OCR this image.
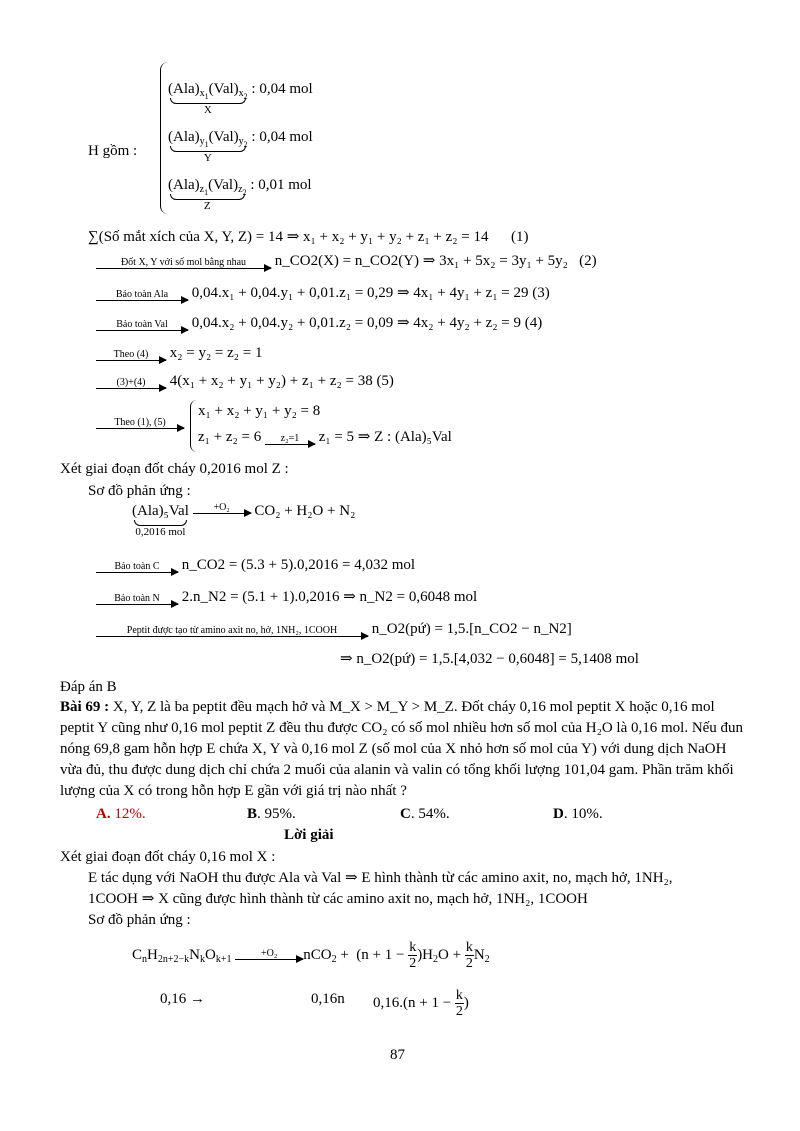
H gồm :
$(Ala)_{x_1}(Val)_{x_2}$
X
: 0,04 mol
$(Ala)_{y_1}(Val)_{y_2}$
Y
: 0,04 mol
$(Ala)_{z_1}(Val)_{z_2}$
Z
: 0,01 mol
∑(Số mắt xích của X, Y, Z) = 14 ⇒ x₁ + x₂ + y₁ + y₂ + z₁ + z₂ = 14 (1)
Đốt X, Y với số mol bằng nhau	n_CO2(X) = n_CO2(Y) ⇒ 3x₁ + 5x₂ = 3y₁ + 5y₂ (2)
Bảo toàn Ala	0,04.x₁ + 0,04.y₁ + 0,01.z₁ = 0,29 ⇒ 4x₁ + 4y₁ + z₁ = 29 (3)
Bảo toàn Val	0,04.x₂ + 0,04.y₂ + 0,01.z₂ = 0,09 ⇒ 4x₂ + 4y₂ + z₂ = 9 (4)
Theo (4)	x₂ = y₂ = z₂ = 1
(3)+(4)	4(x₁ + x₂ + y₁ + y₂) + z₁ + z₂ = 38 (5)
Theo (1), (5)
x₁ + x₂ + y₁ + y₂ = 8
z₁ + z₂ = 6	z₂=1	z₁ = 5 ⇒ Z : (Ala)₅Val
Xét giai đoạn đốt cháy 0,2016 mol Z :
Sơ đồ phản ứng :
(Ala)₅Val
0,2016 mol

+O₂	CO₂ + H₂O + N₂
Bảo toàn C	n_CO2 = (5.3 + 5).0,2016 = 4,032 mol
Bảo toàn N	2.n_N2 = (5.1 + 1).0,2016 ⇒ n_N2 = 0,6048 mol
Peptit được tạo từ amino axit no, hở, 1NH₂, 1COOH	n_O2(pứ) = 1,5.[n_CO2 − n_N2]
⇒ n_O2(pứ) = 1,5.[4,032 − 0,6048] = 5,1408 mol
Đáp án B
Bài 69 : X, Y, Z là ba peptit đều mạch hở và M_X > M_Y > M_Z. Đốt cháy 0,16 mol peptit X hoặc 0,16 mol peptit Y cũng như 0,16 mol peptit Z đều thu được CO₂ có số mol nhiều hơn số mol của H₂O là 0,16 mol. Nếu đun nóng 69,8 gam hỗn hợp E chứa X, Y và 0,16 mol Z (số mol của X nhỏ hơn số mol của Y) với dung dịch NaOH vừa đủ, thu được dung dịch chỉ chứa 2 muối của alanin và valin có tổng khối lượng 101,04 gam. Phần trăm khối lượng của X có trong hỗn hợp E gần với giá trị nào nhất ?
A. 12%.	B. 95%.	C. 54%.	D. 10%.
Lời giải
Xét giai đoạn đốt cháy 0,16 mol X :
E tác dụng với NaOH thu được Ala và Val ⇒ E hình thành từ các amino axit, no, mạch hở, 1NH₂,
1COOH ⇒ X cũng được hình thành từ các amino axit no, mạch hở, 1NH₂, 1COOH
Sơ đồ phản ứng :
$C_nH_{2n+2-k}N_kO_{k+1}$
+O₂	$nCO_2 + (n + 1 - \frac{k}{2} )H_2O + \frac{k}{2} N_2$
0,16 →	0,16n $0,16.(n + 1 - \frac{k}{2}$ )
87
